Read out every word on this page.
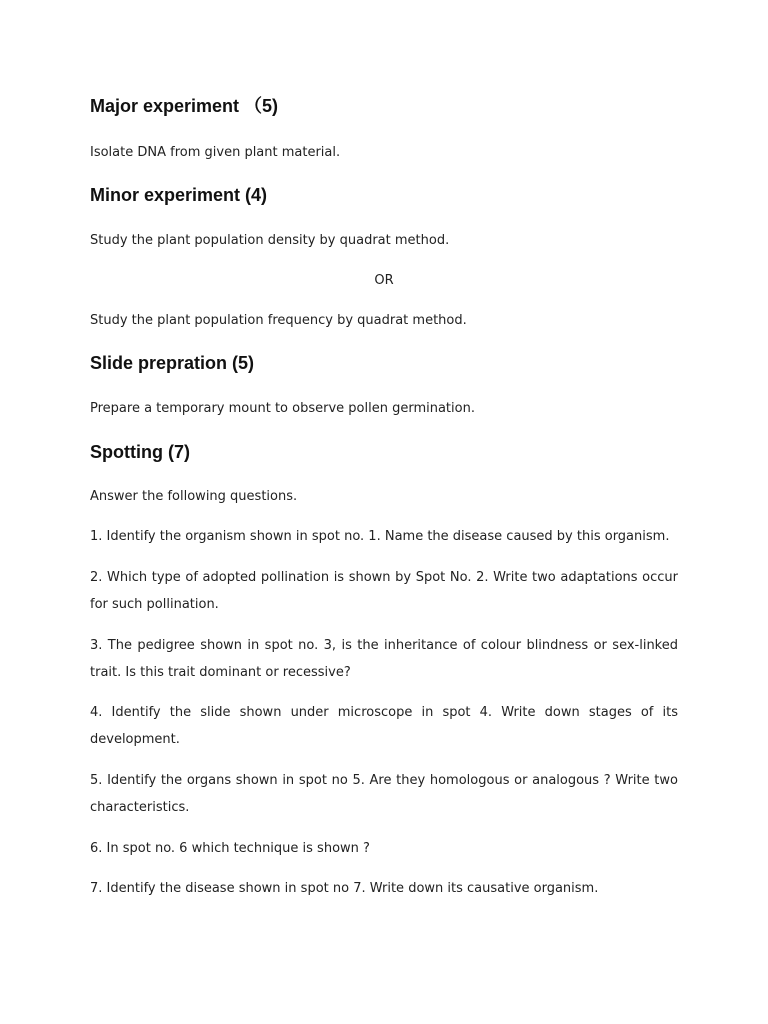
Major experiment （5)
Isolate DNA from given plant material.
Minor experiment (4)
Study the plant population density by quadrat method.
OR
Study the plant population frequency by quadrat method.
Slide prepration (5)
Prepare a temporary mount to observe pollen germination.
Spotting (7)
Answer the following questions.
1. Identify the organism shown in spot no. 1. Name the disease caused by this organism.
2. Which type of adopted pollination is shown by Spot No. 2. Write two adaptations occur for such pollination.
3. The pedigree shown in spot no. 3, is the inheritance of colour blindness or sex-linked trait. Is this trait dominant or recessive?
4. Identify the slide shown under microscope in spot 4. Write down stages of its development.
5. Identify the organs shown in spot no 5. Are they homologous or analogous ? Write two characteristics.
6. In spot no. 6 which technique is shown ?
7. Identify the disease shown in spot no 7. Write down its causative organism.
